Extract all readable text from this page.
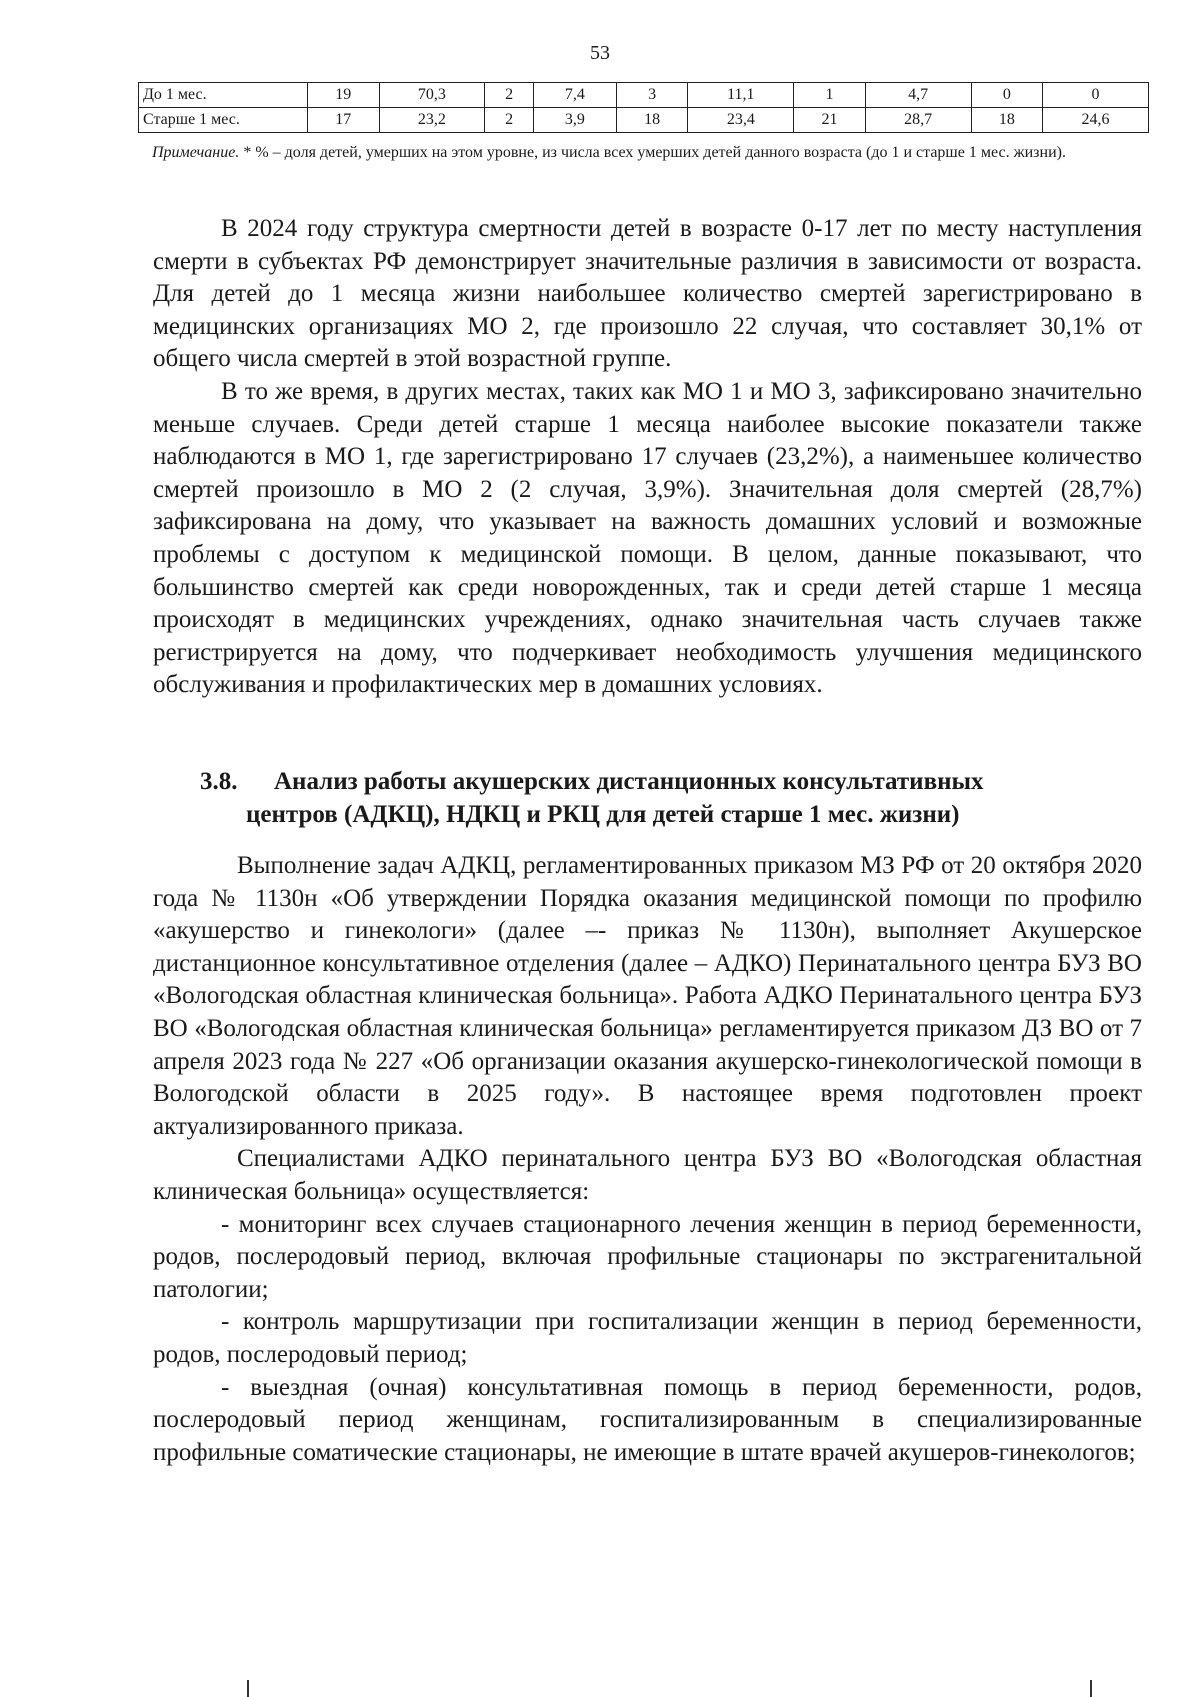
53
До 1 мес.	19	70,3	2	7,4	3	11,1	1	4,7	0	0
Старше 1 мес.	17	23,2	2	3,9	18	23,4	21	28,7	18	24,6
Примечание. * % – доля детей, умерших на этом уровне, из числа всех умерших детей данного возраста (до 1 и старше 1 мес. жизни).

В 2024 году структура смертности детей в возрасте 0-17 лет по месту наступления смерти в субъектах РФ демонстрирует значительные различия в зависимости от возраста. Для детей до 1 месяца жизни наибольшее количество смертей зарегистрировано в медицинских организациях МО 2, где произошло 22 случая, что составляет 30,1% от общего числа смертей в этой возрастной группе.

В то же время, в других местах, таких как МО 1 и МО 3, зафиксировано значительно меньше случаев. Среди детей старше 1 месяца наиболее высокие показатели также наблюдаются в МО 1, где зарегистрировано 17 случаев (23,2%), а наименьшее количество смертей произошло в МО 2 (2 случая, 3,9%). Значительная доля смертей (28,7%) зафиксирована на дому, что указывает на важность домашних условий и возможные проблемы с доступом к медицинской помощи. В целом, данные показывают, что большинство смертей как среди новорожденных, так и среди детей старше 1 месяца происходят в медицинских учреждениях, однако значительная часть случаев также регистрируется на дому, что подчеркивает необходимость улучшения медицинского обслуживания и профилактических мер в домашних условиях.

3.8. Анализ работы акушерских дистанционных консультативных
центров (АДКЦ), НДКЦ и РКЦ для детей старше 1 мес. жизни)

Выполнение задач АДКЦ, регламентированных приказом МЗ РФ от 20 октября 2020 года № 1130н «Об утверждении Порядка оказания медицинской помощи по профилю «акушерство и гинекологи» (далее –- приказ № 1130н), выполняет Акушерское дистанционное консультативное отделения (далее – АДКО) Перинатального центра БУЗ ВО «Вологодская областная клиническая больница». Работа АДКО Перинатального центра БУЗ ВО «Вологодская областная клиническая больница» регламентируется приказом ДЗ ВО от 7 апреля 2023 года № 227 «Об организации оказания акушерско-гинекологической помощи в Вологодской области в 2025 году». В настоящее время подготовлен проект актуализированного приказа.

Специалистами АДКО перинатального центра БУЗ ВО «Вологодская областная клиническая больница» осуществляется:

- мониторинг всех случаев стационарного лечения женщин в период беременности, родов, послеродовый период, включая профильные стационары по экстрагенитальной патологии;

- контроль маршрутизации при госпитализации женщин в период беременности, родов, послеродовый период;

- выездная (очная) консультативная помощь в период беременности, родов, послеродовый период женщинам, госпитализированным в специализированные профильные соматические стационары, не имеющие в штате врачей акушеров-гинекологов;
